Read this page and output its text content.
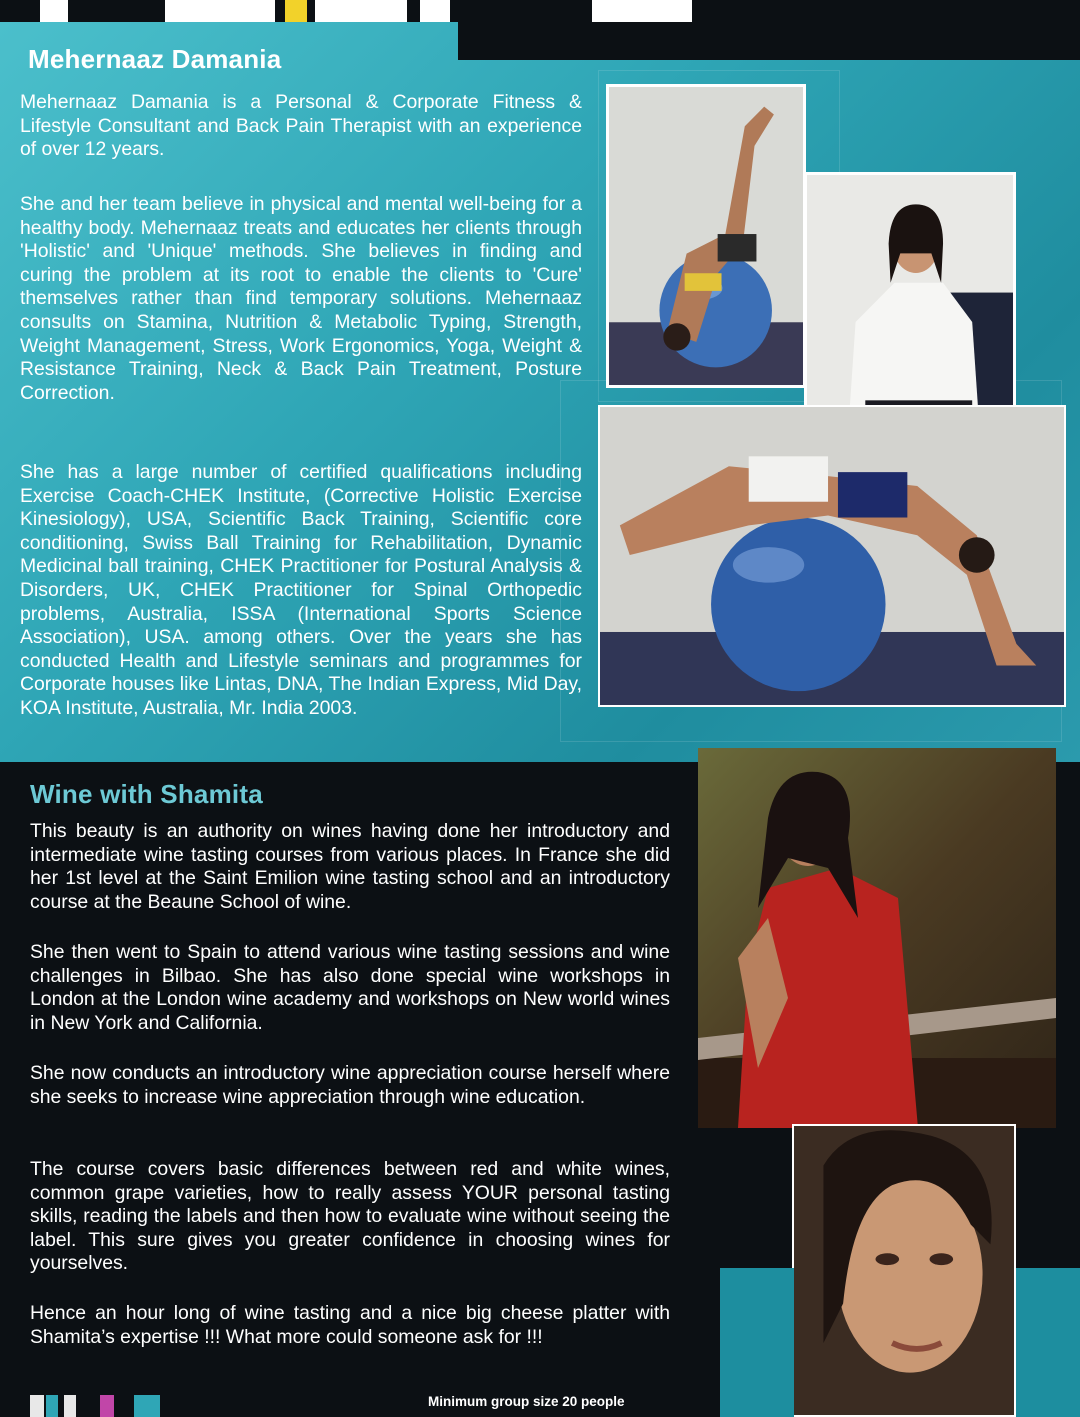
Mehernaaz Damania

Mehernaaz Damania is a Personal & Corporate Fitness & Lifestyle Consultant and Back Pain Therapist with an experience of over 12 years.

She and her team believe in physical and mental well-being for a healthy body. Mehernaaz treats and educates her clients through 'Holistic' and 'Unique' methods. She believes in finding and curing the problem at its root to enable the clients to 'Cure' themselves rather than find temporary solutions. Mehernaaz consults on Stamina, Nutrition & Metabolic Typing, Strength, Weight Management, Stress, Work Ergonomics, Yoga, Weight & Resistance Training, Neck & Back Pain Treatment, Posture Correction.

She has a large number of certified qualifications including Exercise Coach-CHEK Institute, (Corrective Holistic Exercise Kinesiology), USA, Scientific Back Training, Scientific core conditioning, Swiss Ball Training for Rehabilitation, Dynamic Medicinal ball training, CHEK Practitioner for Postural Analysis & Disorders, UK, CHEK Practitioner for Spinal Orthopedic problems, Australia, ISSA (International Sports Science Association), USA. among others. Over the years she has conducted Health and Lifestyle seminars and programmes for Corporate houses like Lintas, DNA, The Indian Express, Mid Day, KOA Institute, Australia, Mr. India 2003.

Wine with Shamita

This beauty is an authority on wines having done her introductory and intermediate wine tasting courses from various places. In France she did her 1st level at the Saint Emilion wine tasting school and an introductory course at the Beaune School of wine.

She then went to Spain to attend various wine tasting sessions and wine challenges in Bilbao. She has also done special wine workshops in London at the London wine academy and workshops on New world wines in New York and California.

She now conducts an introductory wine appreciation course herself where she seeks to increase wine appreciation through wine education.

The course covers basic differences between red and white wines, common grape varieties, how to really assess YOUR personal tasting skills, reading the labels and then how to evaluate wine without seeing the label. This sure gives you greater confidence in choosing wines for yourselves.

Hence an hour long of wine tasting and a nice big cheese platter with Shamita’s expertise !!! What more could someone ask for !!!

Minimum group size 20 people
